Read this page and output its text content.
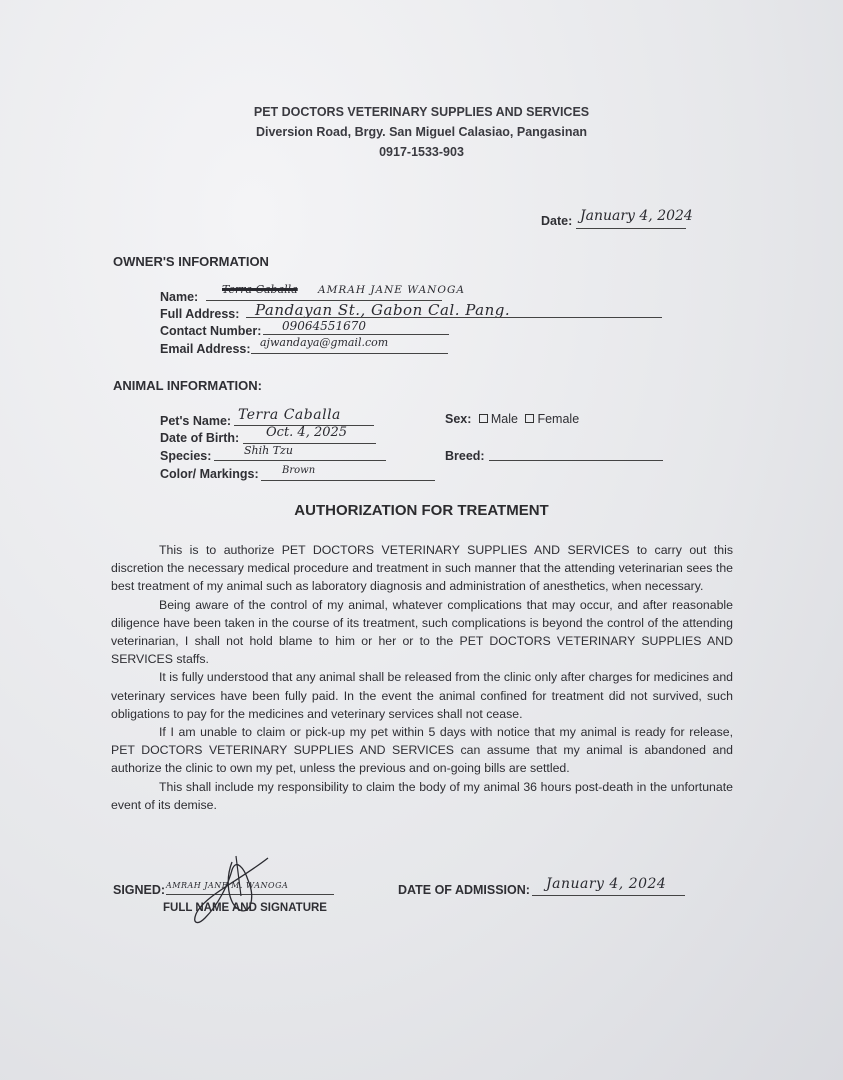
PET DOCTORS VETERINARY SUPPLIES AND SERVICES
Diversion Road, Brgy. San Miguel Calasiao, Pangasinan
0917-1533-903
Date: January 4, 2024
OWNER'S INFORMATION
Name:
Terra Caballa AMRAH JANE WANOGA
Full Address: Pandayan St., Gabon Cal. Pang.
Contact Number: 09064551670
Email Address: ajwandaya@gmail.com
ANIMAL INFORMATION:
Pet's Name: Terra Caballa
Date of Birth: Oct. 4, 2025
Species:	Shih Tzu
Color/ Markings: Brown
Sex: Male Female
Breed:
AUTHORIZATION FOR TREATMENT

This is to authorize PET DOCTORS VETERINARY SUPPLIES AND SERVICES to carry out this discretion the necessary medical procedure and treatment in such manner that the attending veterinarian sees the best treatment of my animal such as laboratory diagnosis and administration of anesthetics, when necessary.

Being aware of the control of my animal, whatever complications that may occur, and after reasonable diligence have been taken in the course of its treatment, such complications is beyond the control of the attending veterinarian, I shall not hold blame to him or her or to the PET DOCTORS VETERINARY SUPPLIES AND SERVICES staffs.

It is fully understood that any animal shall be released from the clinic only after charges for medicines and veterinary services have been fully paid. In the event the animal confined for treatment did not survived, such obligations to pay for the medicines and veterinary services shall not cease.

If I am unable to claim or pick-up my pet within 5 days with notice that my animal is ready for release, PET DOCTORS VETERINARY SUPPLIES AND SERVICES can assume that my animal is abandoned and authorize the clinic to own my pet, unless the previous and on-going bills are settled.

This shall include my responsibility to claim the body of my animal 36 hours post-death in the unfortunate event of its demise.

SIGNED: AMRAH JANE M. WANOGA
FULL NAME AND SIGNATURE
DATE OF ADMISSION: January 4, 2024
